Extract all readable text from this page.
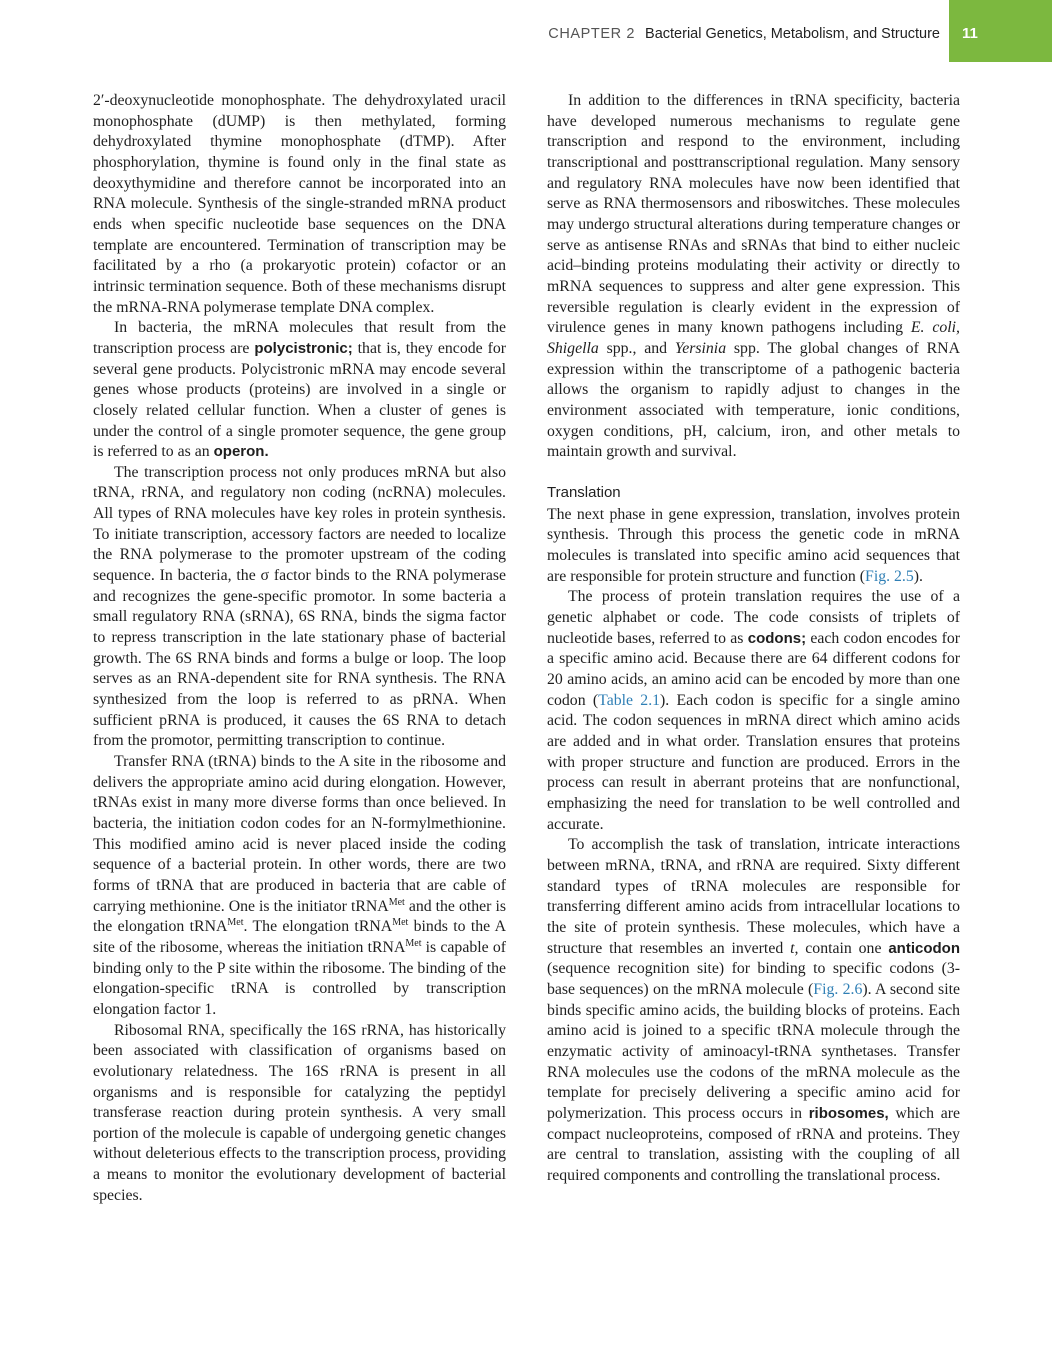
CHAPTER 2 Bacterial Genetics, Metabolism, and Structure 11

2′-deoxynucleotide monophosphate. The dehydroxylated uracil monophosphate (dUMP) is then methylated, forming dehydroxylated thymine monophosphate (dTMP). After phosphorylation, thymine is found only in the final state as deoxythymidine and therefore cannot be incorporated into an RNA molecule. Synthesis of the single-stranded mRNA product ends when specific nucleotide base sequences on the DNA template are encountered. Termination of transcription may be facilitated by a rho (a prokaryotic protein) cofactor or an intrinsic termination sequence. Both of these mechanisms disrupt the mRNA-RNA polymerase template DNA complex.

In bacteria, the mRNA molecules that result from the transcription process are polycistronic; that is, they encode for several gene products. Polycistronic mRNA may encode several genes whose products (proteins) are involved in a single or closely related cellular function. When a cluster of genes is under the control of a single promoter sequence, the gene group is referred to as an operon.

The transcription process not only produces mRNA but also tRNA, rRNA, and regulatory non coding (ncRNA) molecules. All types of RNA molecules have key roles in protein synthesis. To initiate transcription, accessory factors are needed to localize the RNA polymerase to the promoter upstream of the coding sequence. In bacteria, the σ factor binds to the RNA polymerase and recognizes the gene-specific promotor. In some bacteria a small regulatory RNA (sRNA), 6S RNA, binds the sigma factor to repress transcription in the late stationary phase of bacterial growth. The 6S RNA binds and forms a bulge or loop. The loop serves as an RNA-dependent site for RNA synthesis. The RNA synthesized from the loop is referred to as pRNA. When sufficient pRNA is produced, it causes the 6S RNA to detach from the promotor, permitting transcription to continue.

Transfer RNA (tRNA) binds to the A site in the ribosome and delivers the appropriate amino acid during elongation. However, tRNAs exist in many more diverse forms than once believed. In bacteria, the initiation codon codes for an N-formylmethionine. This modified amino acid is never placed inside the coding sequence of a bacterial protein. In other words, there are two forms of tRNA that are produced in bacteria that are cable of carrying methionine. One is the initiator tRNA$^{Met}$ and the other is the elongation tRNA$^{Met}$. The elongation tRNA$^{Met}$ binds to the A site of the ribosome, whereas the initiation tRNA$^{Met}$ is capable of binding only to the P site within the ribosome. The binding of the elongation-specific tRNA is controlled by transcription elongation factor 1.

Ribosomal RNA, specifically the 16S rRNA, has historically been associated with classification of organisms based on evolutionary relatedness. The 16S rRNA is present in all organisms and is responsible for catalyzing the peptidyl transferase reaction during protein synthesis. A very small portion of the molecule is capable of undergoing genetic changes without deleterious effects to the transcription process, providing a means to monitor the evolutionary development of bacterial species.

In addition to the differences in tRNA specificity, bacteria have developed numerous mechanisms to regulate gene transcription and respond to the environment, including transcriptional and posttranscriptional regulation. Many sensory and regulatory RNA molecules have now been identified that serve as RNA thermosensors and riboswitches. These molecules may undergo structural alterations during temperature changes or serve as antisense RNAs and sRNAs that bind to either nucleic acid–binding proteins modulating their activity or directly to mRNA sequences to suppress and alter gene expression. This reversible regulation is clearly evident in the expression of virulence genes in many known pathogens including E. coli, Shigella spp., and Yersinia spp. The global changes of RNA expression within the transcriptome of a pathogenic bacteria allows the organism to rapidly adjust to changes in the environment associated with temperature, ionic conditions, oxygen conditions, pH, calcium, iron, and other metals to maintain growth and survival.

Translation

The next phase in gene expression, translation, involves protein synthesis. Through this process the genetic code in mRNA molecules is translated into specific amino acid sequences that are responsible for protein structure and function (Fig. 2.5).

The process of protein translation requires the use of a genetic alphabet or code. The code consists of triplets of nucleotide bases, referred to as codons; each codon encodes for a specific amino acid. Because there are 64 different codons for 20 amino acids, an amino acid can be encoded by more than one codon (Table 2.1). Each codon is specific for a single amino acid. The codon sequences in mRNA direct which amino acids are added and in what order. Translation ensures that proteins with proper structure and function are produced. Errors in the process can result in aberrant proteins that are nonfunctional, emphasizing the need for translation to be well controlled and accurate.

To accomplish the task of translation, intricate interactions between mRNA, tRNA, and rRNA are required. Sixty different standard types of tRNA molecules are responsible for transferring different amino acids from intracellular locations to the site of protein synthesis. These molecules, which have a structure that resembles an inverted t, contain one anticodon (sequence recognition site) for binding to specific codons (3-base sequences) on the mRNA molecule (Fig. 2.6). A second site binds specific amino acids, the building blocks of proteins. Each amino acid is joined to a specific tRNA molecule through the enzymatic activity of aminoacyl-tRNA synthetases. Transfer RNA molecules use the codons of the mRNA molecule as the template for precisely delivering a specific amino acid for polymerization. This process occurs in ribosomes, which are compact nucleoproteins, composed of rRNA and proteins. They are central to translation, assisting with the coupling of all required components and controlling the translational process.
